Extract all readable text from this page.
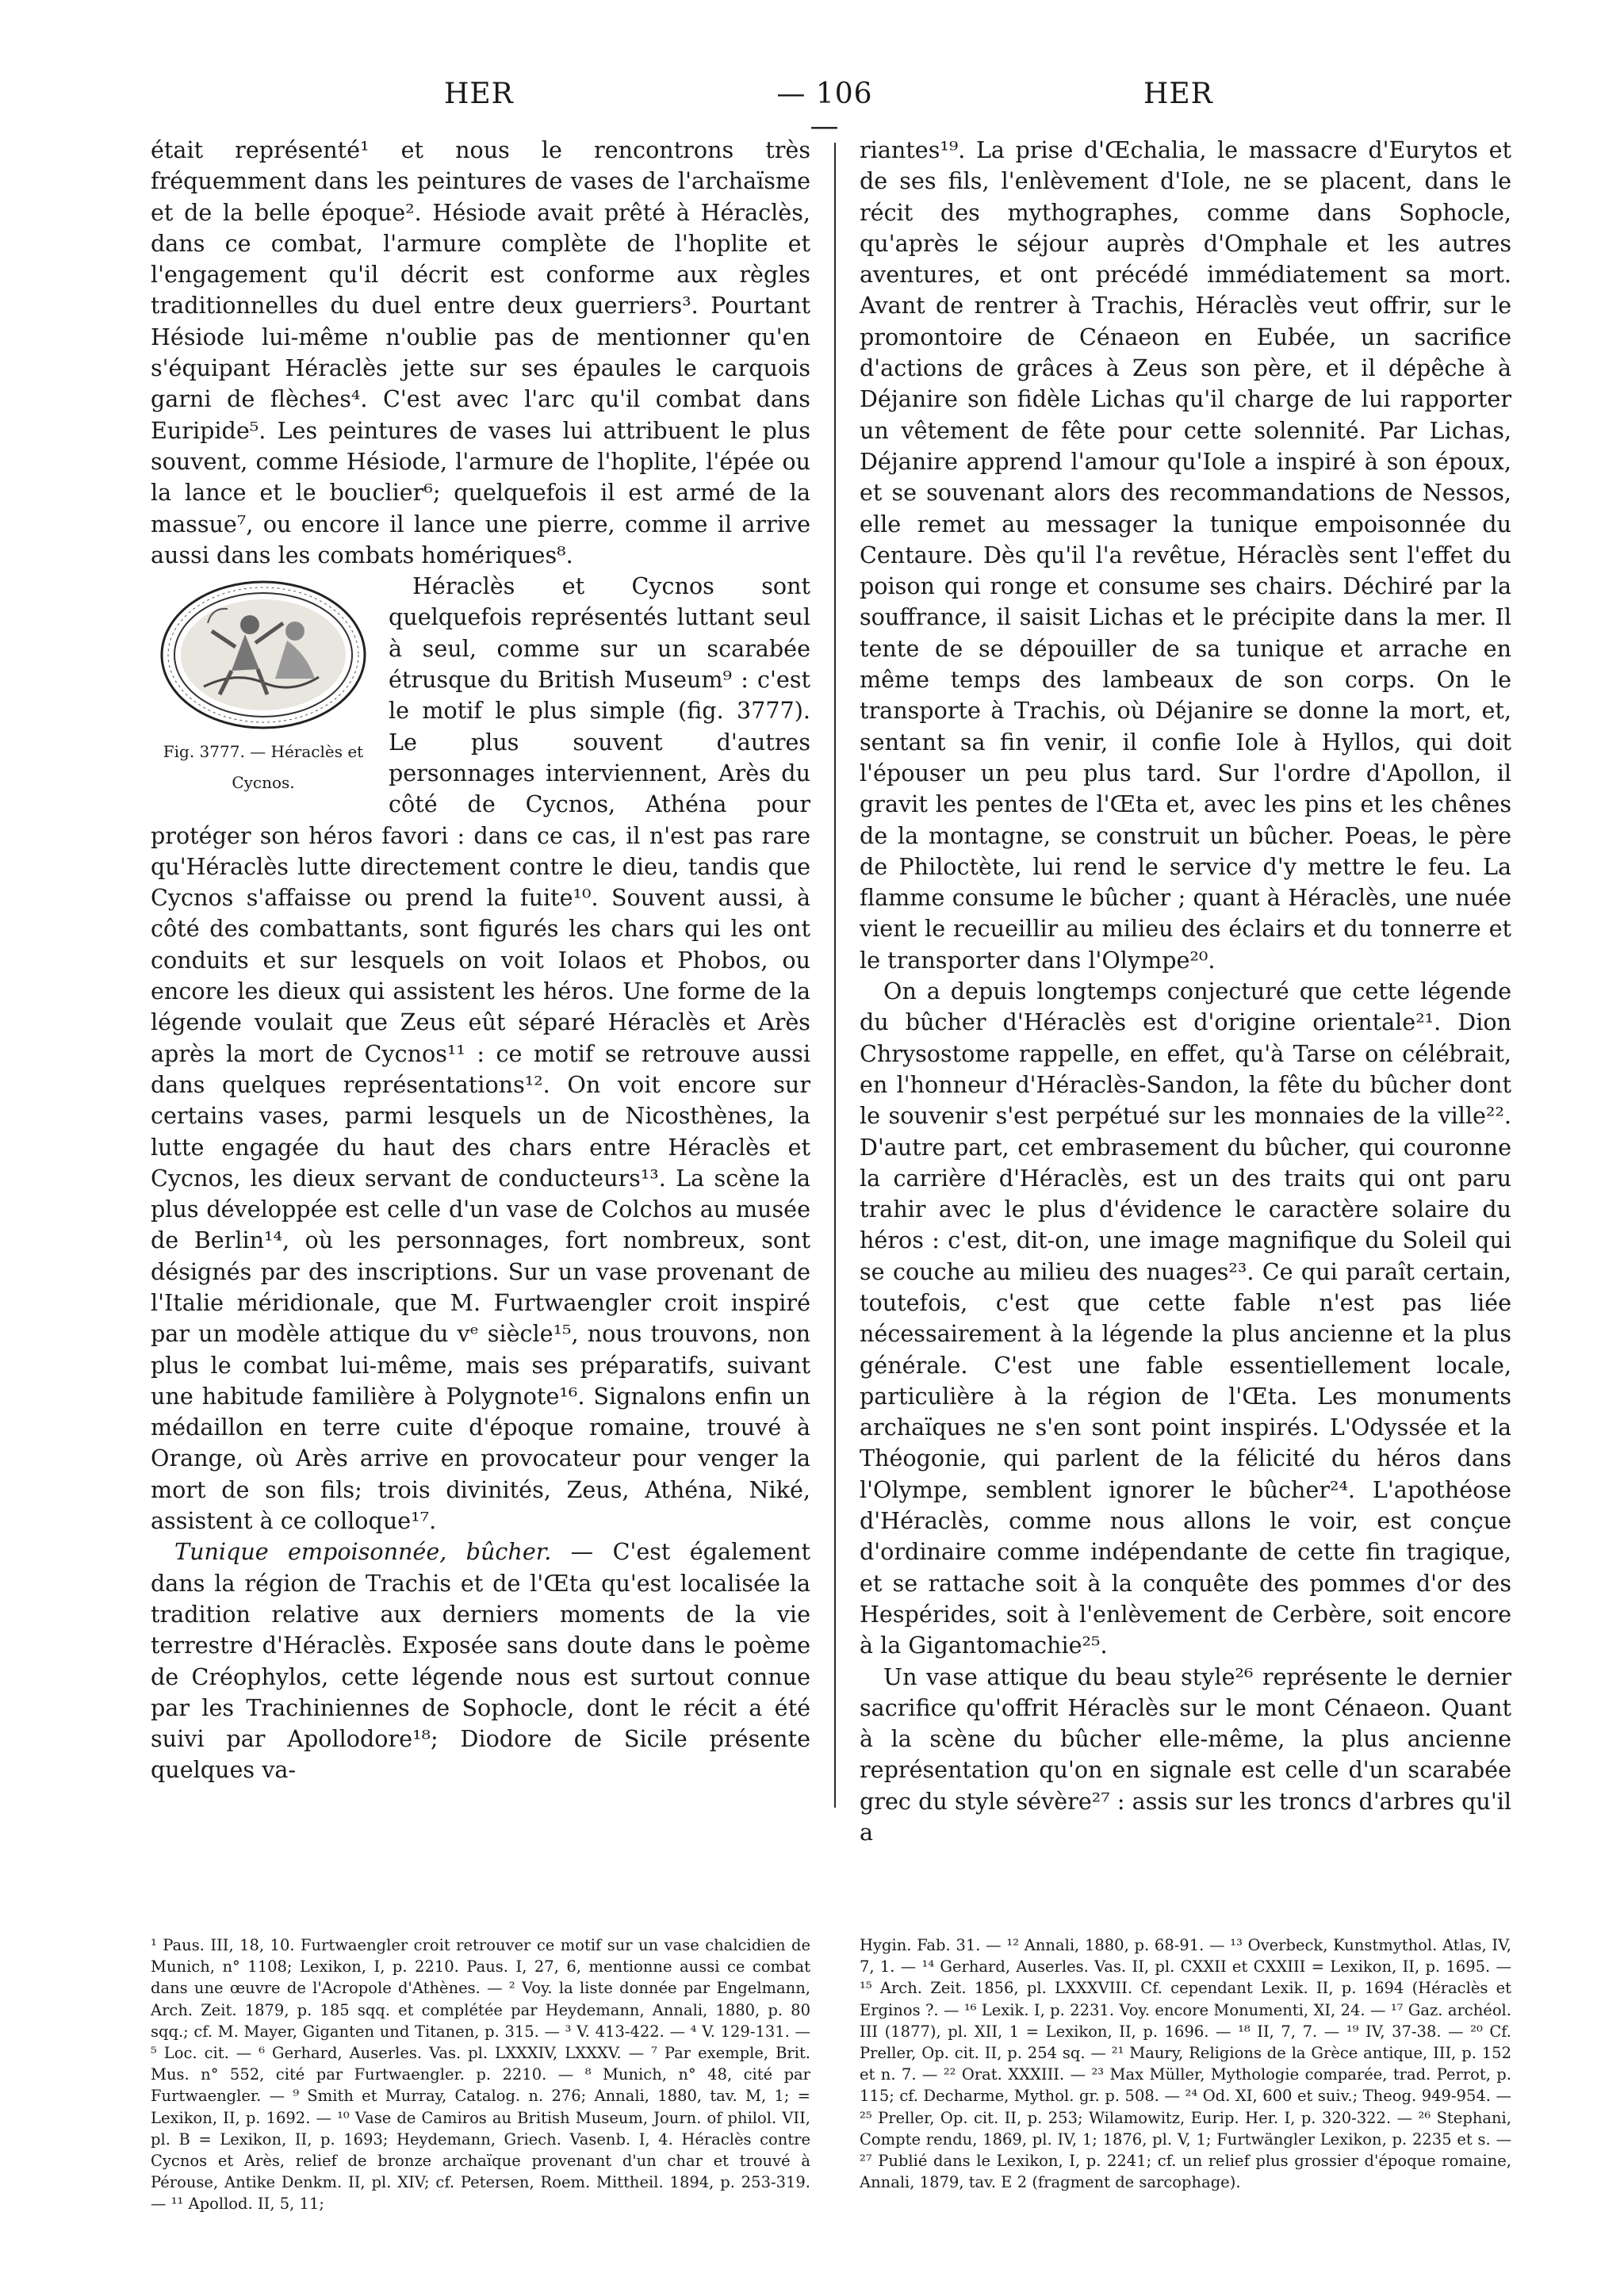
HER	— 106 —
HER

était représenté¹ et nous le rencontrons très fréquemment dans les peintures de vases de l'archaïsme et de la belle époque². Hésiode avait prêté à Héraclès, dans ce combat, l'armure complète de l'hoplite et l'engagement qu'il décrit est conforme aux règles traditionnelles du duel entre deux guerriers³. Pourtant Hésiode lui-même n'oublie pas de mentionner qu'en s'équipant Héraclès jette sur ses épaules le carquois garni de flèches⁴. C'est avec l'arc qu'il combat dans Euripide⁵. Les peintures de vases lui attribuent le plus souvent, comme Hésiode, l'armure de l'hoplite, l'épée ou la lance et le bouclier⁶; quelquefois il est armé de la massue⁷, ou encore il lance une pierre, comme il arrive aussi dans les combats homériques⁸.

Fig. 3777. — Héraclès et Cycnos.
Héraclès et Cycnos sont quelquefois représentés luttant seul à seul, comme sur un scarabée étrusque du British Museum⁹ : c'est le motif le plus simple (fig. 3777). Le plus souvent d'autres personnages interviennent, Arès du côté de Cycnos, Athéna pour protéger son héros favori : dans ce cas, il n'est pas rare qu'Héraclès lutte directement contre le dieu, tandis que Cycnos s'affaisse ou prend la fuite¹⁰. Souvent aussi, à côté des combattants, sont figurés les chars qui les ont conduits et sur lesquels on voit Iolaos et Phobos, ou encore les dieux qui assistent les héros. Une forme de la légende voulait que Zeus eût séparé Héraclès et Arès après la mort de Cycnos¹¹ : ce motif se retrouve aussi dans quelques représentations¹². On voit encore sur certains vases, parmi lesquels un de Nicosthènes, la lutte engagée du haut des chars entre Héraclès et Cycnos, les dieux servant de conducteurs¹³. La scène la plus développée est celle d'un vase de Colchos au musée de Berlin¹⁴, où les personnages, fort nombreux, sont désignés par des inscriptions. Sur un vase provenant de l'Italie méridionale, que M. Furtwaengler croit inspiré par un modèle attique du vᵉ siècle¹⁵, nous trouvons, non plus le combat lui-même, mais ses préparatifs, suivant une habitude familière à Polygnote¹⁶. Signalons enfin un médaillon en terre cuite d'époque romaine, trouvé à Orange, où Arès arrive en provocateur pour venger la mort de son fils; trois divinités, Zeus, Athéna, Niké, assistent à ce colloque¹⁷.

Tunique empoisonnée, bûcher. — C'est également dans la région de Trachis et de l'Œta qu'est localisée la tradition relative aux derniers moments de la vie terrestre d'Héraclès. Exposée sans doute dans le poème de Créophylos, cette légende nous est surtout connue par les Trachiniennes de Sophocle, dont le récit a été suivi par Apollodore¹⁸; Diodore de Sicile présente quelques va-

riantes¹⁹. La prise d'Œchalia, le massacre d'Eurytos et de ses fils, l'enlèvement d'Iole, ne se placent, dans le récit des mythographes, comme dans Sophocle, qu'après le séjour auprès d'Omphale et les autres aventures, et ont précédé immédiatement sa mort. Avant de rentrer à Trachis, Héraclès veut offrir, sur le promontoire de Cénaeon en Eubée, un sacrifice d'actions de grâces à Zeus son père, et il dépêche à Déjanire son fidèle Lichas qu'il charge de lui rapporter un vêtement de fête pour cette solennité. Par Lichas, Déjanire apprend l'amour qu'Iole a inspiré à son époux, et se souvenant alors des recommandations de Nessos, elle remet au messager la tunique empoisonnée du Centaure. Dès qu'il l'a revêtue, Héraclès sent l'effet du poison qui ronge et consume ses chairs. Déchiré par la souffrance, il saisit Lichas et le précipite dans la mer. Il tente de se dépouiller de sa tunique et arrache en même temps des lambeaux de son corps. On le transporte à Trachis, où Déjanire se donne la mort, et, sentant sa fin venir, il confie Iole à Hyllos, qui doit l'épouser un peu plus tard. Sur l'ordre d'Apollon, il gravit les pentes de l'Œta et, avec les pins et les chênes de la montagne, se construit un bûcher. Poeas, le père de Philoctète, lui rend le service d'y mettre le feu. La flamme consume le bûcher ; quant à Héraclès, une nuée vient le recueillir au milieu des éclairs et du tonnerre et le transporter dans l'Olympe²⁰.

On a depuis longtemps conjecturé que cette légende du bûcher d'Héraclès est d'origine orientale²¹. Dion Chrysostome rappelle, en effet, qu'à Tarse on célébrait, en l'honneur d'Héraclès-Sandon, la fête du bûcher dont le souvenir s'est perpétué sur les monnaies de la ville²². D'autre part, cet embrasement du bûcher, qui couronne la carrière d'Héraclès, est un des traits qui ont paru trahir avec le plus d'évidence le caractère solaire du héros : c'est, dit-on, une image magnifique du Soleil qui se couche au milieu des nuages²³. Ce qui paraît certain, toutefois, c'est que cette fable n'est pas liée nécessairement à la légende la plus ancienne et la plus générale. C'est une fable essentiellement locale, particulière à la région de l'Œta. Les monuments archaïques ne s'en sont point inspirés. L'Odyssée et la Théogonie, qui parlent de la félicité du héros dans l'Olympe, semblent ignorer le bûcher²⁴. L'apothéose d'Héraclès, comme nous allons le voir, est conçue d'ordinaire comme indépendante de cette fin tragique, et se rattache soit à la conquête des pommes d'or des Hespérides, soit à l'enlèvement de Cerbère, soit encore à la Gigantomachie²⁵.

Un vase attique du beau style²⁶ représente le dernier sacrifice qu'offrit Héraclès sur le mont Cénaeon. Quant à la scène du bûcher elle-même, la plus ancienne représentation qu'on en signale est celle d'un scarabée grec du style sévère²⁷ : assis sur les troncs d'arbres qu'il a

¹ Paus. III, 18, 10. Furtwaengler croit retrouver ce motif sur un vase chalcidien de Munich, n° 1108; Lexikon, I, p. 2210. Paus. I, 27, 6, mentionne aussi ce combat dans une œuvre de l'Acropole d'Athènes. — ² Voy. la liste donnée par Engelmann, Arch. Zeit. 1879, p. 185 sqq. et complétée par Heydemann, Annali, 1880, p. 80 sqq.; cf. M. Mayer, Giganten und Titanen, p. 315. — ³ V. 413-422. — ⁴ V. 129-131. — ⁵ Loc. cit. — ⁶ Gerhard, Auserles. Vas. pl. LXXXIV, LXXXV. — ⁷ Par exemple, Brit. Mus. n° 552, cité par Furtwaengler. p. 2210. — ⁸ Munich, n° 48, cité par Furtwaengler. — ⁹ Smith et Murray, Catalog. n. 276; Annali, 1880, tav. M, 1; = Lexikon, II, p. 1692. — ¹⁰ Vase de Camiros au British Museum, Journ. of philol. VII, pl. B = Lexikon, II, p. 1693; Heydemann, Griech. Vasenb. I, 4. Héraclès contre Cycnos et Arès, relief de bronze archaïque provenant d'un char et trouvé à Pérouse, Antike Denkm. II, pl. XIV; cf. Petersen, Roem. Mittheil. 1894, p. 253-319. — ¹¹ Apollod. II, 5, 11;
Hygin. Fab. 31. — ¹² Annali, 1880, p. 68-91. — ¹³ Overbeck, Kunstmythol. Atlas, IV, 7, 1. — ¹⁴ Gerhard, Auserles. Vas. II, pl. CXXII et CXXIII = Lexikon, II, p. 1695. — ¹⁵ Arch. Zeit. 1856, pl. LXXXVIII. Cf. cependant Lexik. II, p. 1694 (Héraclès et Erginos ?. — ¹⁶ Lexik. I, p. 2231. Voy. encore Monumenti, XI, 24. — ¹⁷ Gaz. archéol. III (1877), pl. XII, 1 = Lexikon, II, p. 1696. — ¹⁸ II, 7, 7. — ¹⁹ IV, 37-38. — ²⁰ Cf. Preller, Op. cit. II, p. 254 sq. — ²¹ Maury, Religions de la Grèce antique, III, p. 152 et n. 7. — ²² Orat. XXXIII. — ²³ Max Müller, Mythologie comparée, trad. Perrot, p. 115; cf. Decharme, Mythol. gr. p. 508. — ²⁴ Od. XI, 600 et suiv.; Theog. 949-954. — ²⁵ Preller, Op. cit. II, p. 253; Wilamowitz, Eurip. Her. I, p. 320-322. — ²⁶ Stephani, Compte rendu, 1869, pl. IV, 1; 1876, pl. V, 1; Furtwängler Lexikon, p. 2235 et s. — ²⁷ Publié dans le Lexikon, I, p. 2241; cf. un relief plus grossier d'époque romaine, Annali, 1879, tav. E 2 (fragment de sarcophage).
